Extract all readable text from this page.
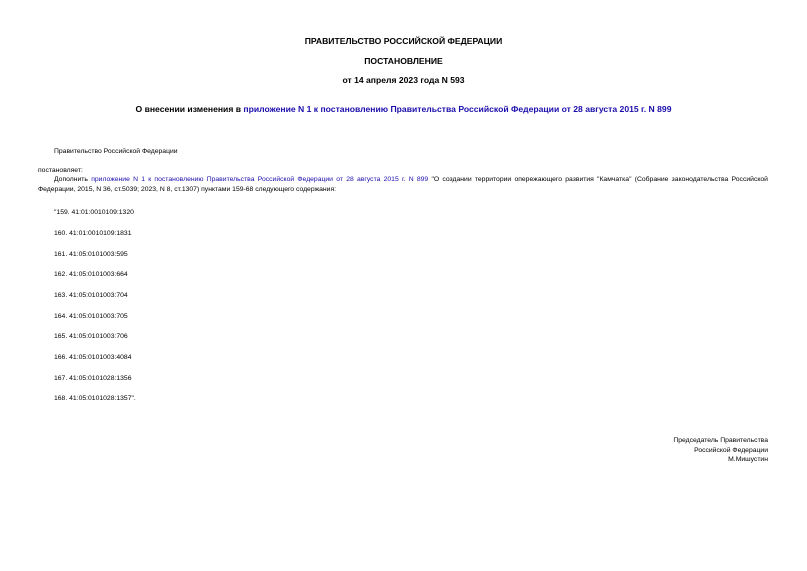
ПРАВИТЕЛЬСТВО РОССИЙСКОЙ ФЕДЕРАЦИИ
ПОСТАНОВЛЕНИЕ
от 14 апреля 2023 года N 593
О внесении изменения в приложение N 1 к постановлению Правительства Российской Федерации от 28 августа 2015 г. N 899
Правительство Российской Федерации
постановляет:
Дополнить приложение N 1 к постановлению Правительства Российской Федерации от 28 августа 2015 г. N 899 "О создании территории опережающего развития "Камчатка" (Собрание законодательства Российской Федерации, 2015, N 36, ст.5039; 2023, N 8, ст.1307) пунктами 159-68 следующего содержания:
"159. 41:01:0010109:1320
160. 41:01:0010109:1831
161. 41:05:0101003:595
162. 41:05:0101003:664
163. 41:05:0101003:704
164. 41:05:0101003:705
165. 41:05:0101003:706
166. 41:05:0101003:4084
167. 41:05:0101028:1356
168. 41:05:0101028:1357".
Председатель Правительства
Российской Федерации
М.Мишустин
